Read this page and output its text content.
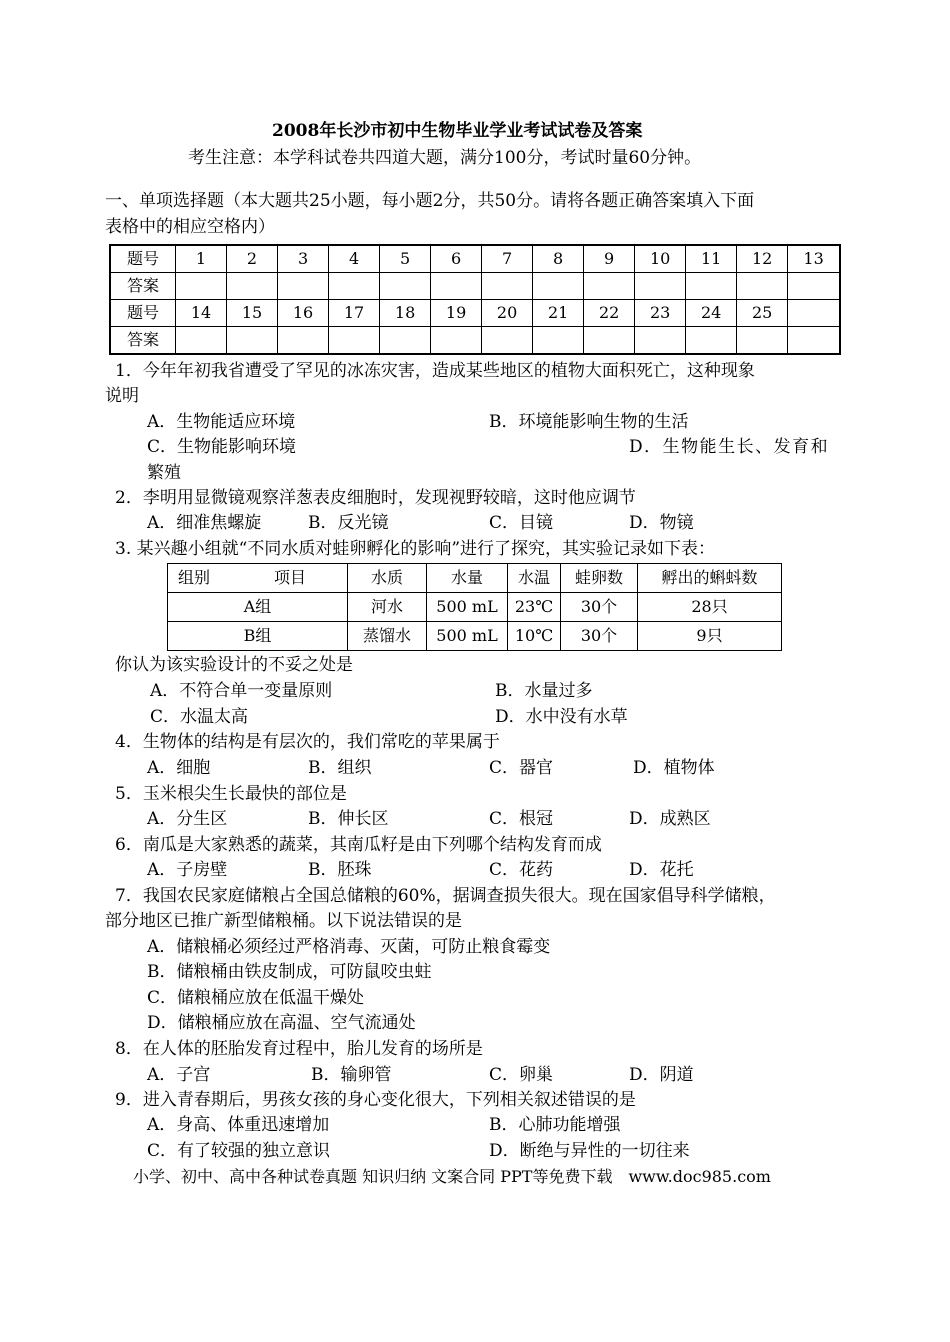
2008年长沙市初中生物毕业学业考试试卷及答案
考生注意：本学科试卷共四道大题，满分100分，考试时量60分钟。
一、单项选择题（本大题共25小题，每小题2分，共50分。请将各题正确答案填入下面
表格中的相应空格内）
题号	1	2	3	4	5	6	7	8	9	10	11	12	13
答案													
题号	14	15	16	17	18	19	20	21	22	23	24	25	
答案													
1．今年年初我省遭受了罕见的冰冻灾害，造成某些地区的植物大面积死亡，这种现象
说明
A．生物能适应环境	B．环境能影响生物的生活
C．生物能影响环境	D．生物能生长、发育和
繁殖
2．李明用显微镜观察洋葱表皮细胞时，发现视野较暗，这时他应调节
A．细准焦螺旋	B．反光镜	C．目镜	D．物镜
3. 某兴趣小组就“不同水质对蛙卵孵化的影响”进行了探究，其实验记录如下表：
组别　　　　项目	水质	水量	水温	蛙卵数	孵出的蝌蚪数
A组	河水	500 mL	23℃	30个	28只
B组	蒸馏水	500 mL	10℃	30个	9只
你认为该实验设计的不妥之处是
A．不符合单一变量原则	B．水量过多
C．水温太高	D．水中没有水草
4．生物体的结构是有层次的，我们常吃的苹果属于
A．细胞	B．组织	C．器官	D．植物体
5．玉米根尖生长最快的部位是
A．分生区	B．伸长区	C．根冠	D．成熟区
6．南瓜是大家熟悉的蔬菜，其南瓜籽是由下列哪个结构发育而成
A．子房壁	B．胚珠	C．花药	D．花托
7．我国农民家庭储粮占全国总储粮的60%，据调查损失很大。现在国家倡导科学储粮，
部分地区已推广新型储粮桶。以下说法错误的是
A．储粮桶必须经过严格消毒、灭菌，可防止粮食霉变
B．储粮桶由铁皮制成，可防鼠咬虫蛀
C．储粮桶应放在低温干燥处
D．储粮桶应放在高温、空气流通处
8．在人体的胚胎发育过程中，胎儿发育的场所是
A．子宫	B．输卵管	C．卵巢	D．阴道
9．进入青春期后，男孩女孩的身心变化很大，下列相关叙述错误的是
A．身高、体重迅速增加	B．心肺功能增强
C．有了较强的独立意识	D．断绝与异性的一切往来
小学、初中、高中各种试卷真题 知识归纳 文案合同 PPT等免费下载　www.doc985.com
